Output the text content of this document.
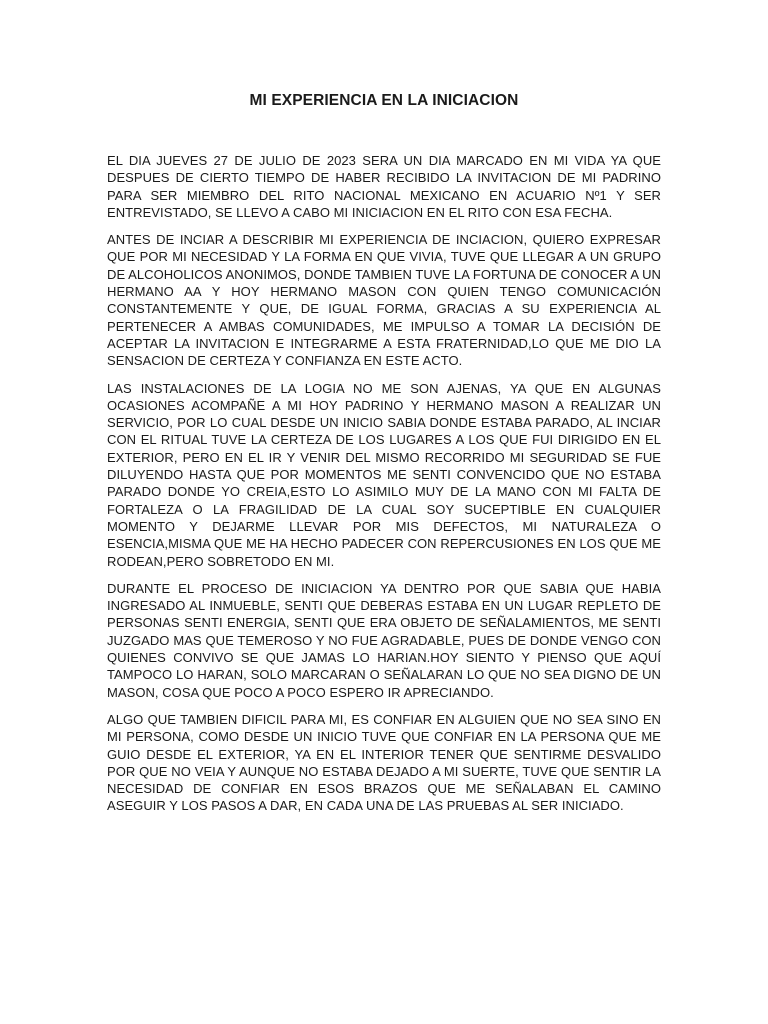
MI EXPERIENCIA EN LA INICIACION

EL DIA JUEVES 27 DE JULIO DE 2023 SERA UN DIA MARCADO EN MI VIDA YA QUE DESPUES DE CIERTO TIEMPO DE HABER RECIBIDO LA INVITACION DE MI PADRINO PARA SER MIEMBRO DEL RITO NACIONAL MEXICANO EN ACUARIO Nº1 Y SER ENTREVISTADO, SE LLEVO A CABO MI INICIACION EN EL RITO CON ESA FECHA.

ANTES DE INCIAR A DESCRIBIR MI EXPERIENCIA DE INCIACION, QUIERO EXPRESAR QUE POR MI NECESIDAD Y LA FORMA EN QUE VIVIA, TUVE QUE LLEGAR A UN GRUPO DE ALCOHOLICOS ANONIMOS, DONDE TAMBIEN TUVE LA FORTUNA DE CONOCER A UN HERMANO AA Y HOY HERMANO MASON CON QUIEN TENGO COMUNICACIÓN CONSTANTEMENTE Y QUE, DE IGUAL FORMA, GRACIAS A SU EXPERIENCIA AL PERTENECER A AMBAS COMUNIDADES, ME IMPULSO A TOMAR LA DECISIÓN DE ACEPTAR LA INVITACION E INTEGRARME A ESTA FRATERNIDAD,LO QUE ME DIO LA SENSACION DE CERTEZA Y CONFIANZA EN ESTE ACTO.

LAS INSTALACIONES DE LA LOGIA NO ME SON AJENAS, YA QUE EN ALGUNAS OCASIONES ACOMPAÑE A MI HOY PADRINO Y HERMANO MASON A REALIZAR UN SERVICIO, POR LO CUAL DESDE UN INICIO SABIA DONDE ESTABA PARADO, AL INCIAR CON EL RITUAL TUVE LA CERTEZA DE LOS LUGARES A LOS QUE FUI DIRIGIDO EN EL EXTERIOR, PERO EN EL IR Y VENIR DEL MISMO RECORRIDO MI SEGURIDAD SE FUE DILUYENDO HASTA QUE POR MOMENTOS ME SENTI CONVENCIDO QUE NO ESTABA PARADO DONDE YO CREIA,ESTO LO ASIMILO MUY DE LA MANO CON MI FALTA DE FORTALEZA O LA FRAGILIDAD DE LA CUAL SOY SUCEPTIBLE EN CUALQUIER MOMENTO Y DEJARME LLEVAR POR MIS DEFECTOS, MI NATURALEZA O ESENCIA,MISMA QUE ME HA HECHO PADECER CON REPERCUSIONES EN LOS QUE ME RODEAN,PERO SOBRETODO EN MI.

DURANTE EL PROCESO DE INICIACION YA DENTRO POR QUE SABIA QUE HABIA INGRESADO AL INMUEBLE, SENTI QUE DEBERAS ESTABA EN UN LUGAR REPLETO DE PERSONAS SENTI ENERGIA, SENTI QUE ERA OBJETO DE SEÑALAMIENTOS, ME SENTI JUZGADO MAS QUE TEMEROSO Y NO FUE AGRADABLE, PUES DE DONDE VENGO CON QUIENES CONVIVO SE QUE JAMAS LO HARIAN.HOY SIENTO Y PIENSO QUE AQUÍ TAMPOCO LO HARAN, SOLO MARCARAN O SEÑALARAN LO QUE NO SEA DIGNO DE UN MASON, COSA QUE POCO A POCO ESPERO IR APRECIANDO.

ALGO QUE TAMBIEN DIFICIL PARA MI, ES CONFIAR EN ALGUIEN QUE NO SEA SINO EN MI PERSONA, COMO DESDE UN INICIO TUVE QUE CONFIAR EN LA PERSONA QUE ME GUIO DESDE EL EXTERIOR, YA EN EL INTERIOR TENER QUE SENTIRME DESVALIDO POR QUE NO VEIA Y AUNQUE NO ESTABA DEJADO A MI SUERTE, TUVE QUE SENTIR LA NECESIDAD DE CONFIAR EN ESOS BRAZOS QUE ME SEÑALABAN EL CAMINO ASEGUIR Y LOS PASOS A DAR, EN CADA UNA DE LAS PRUEBAS AL SER INICIADO.
